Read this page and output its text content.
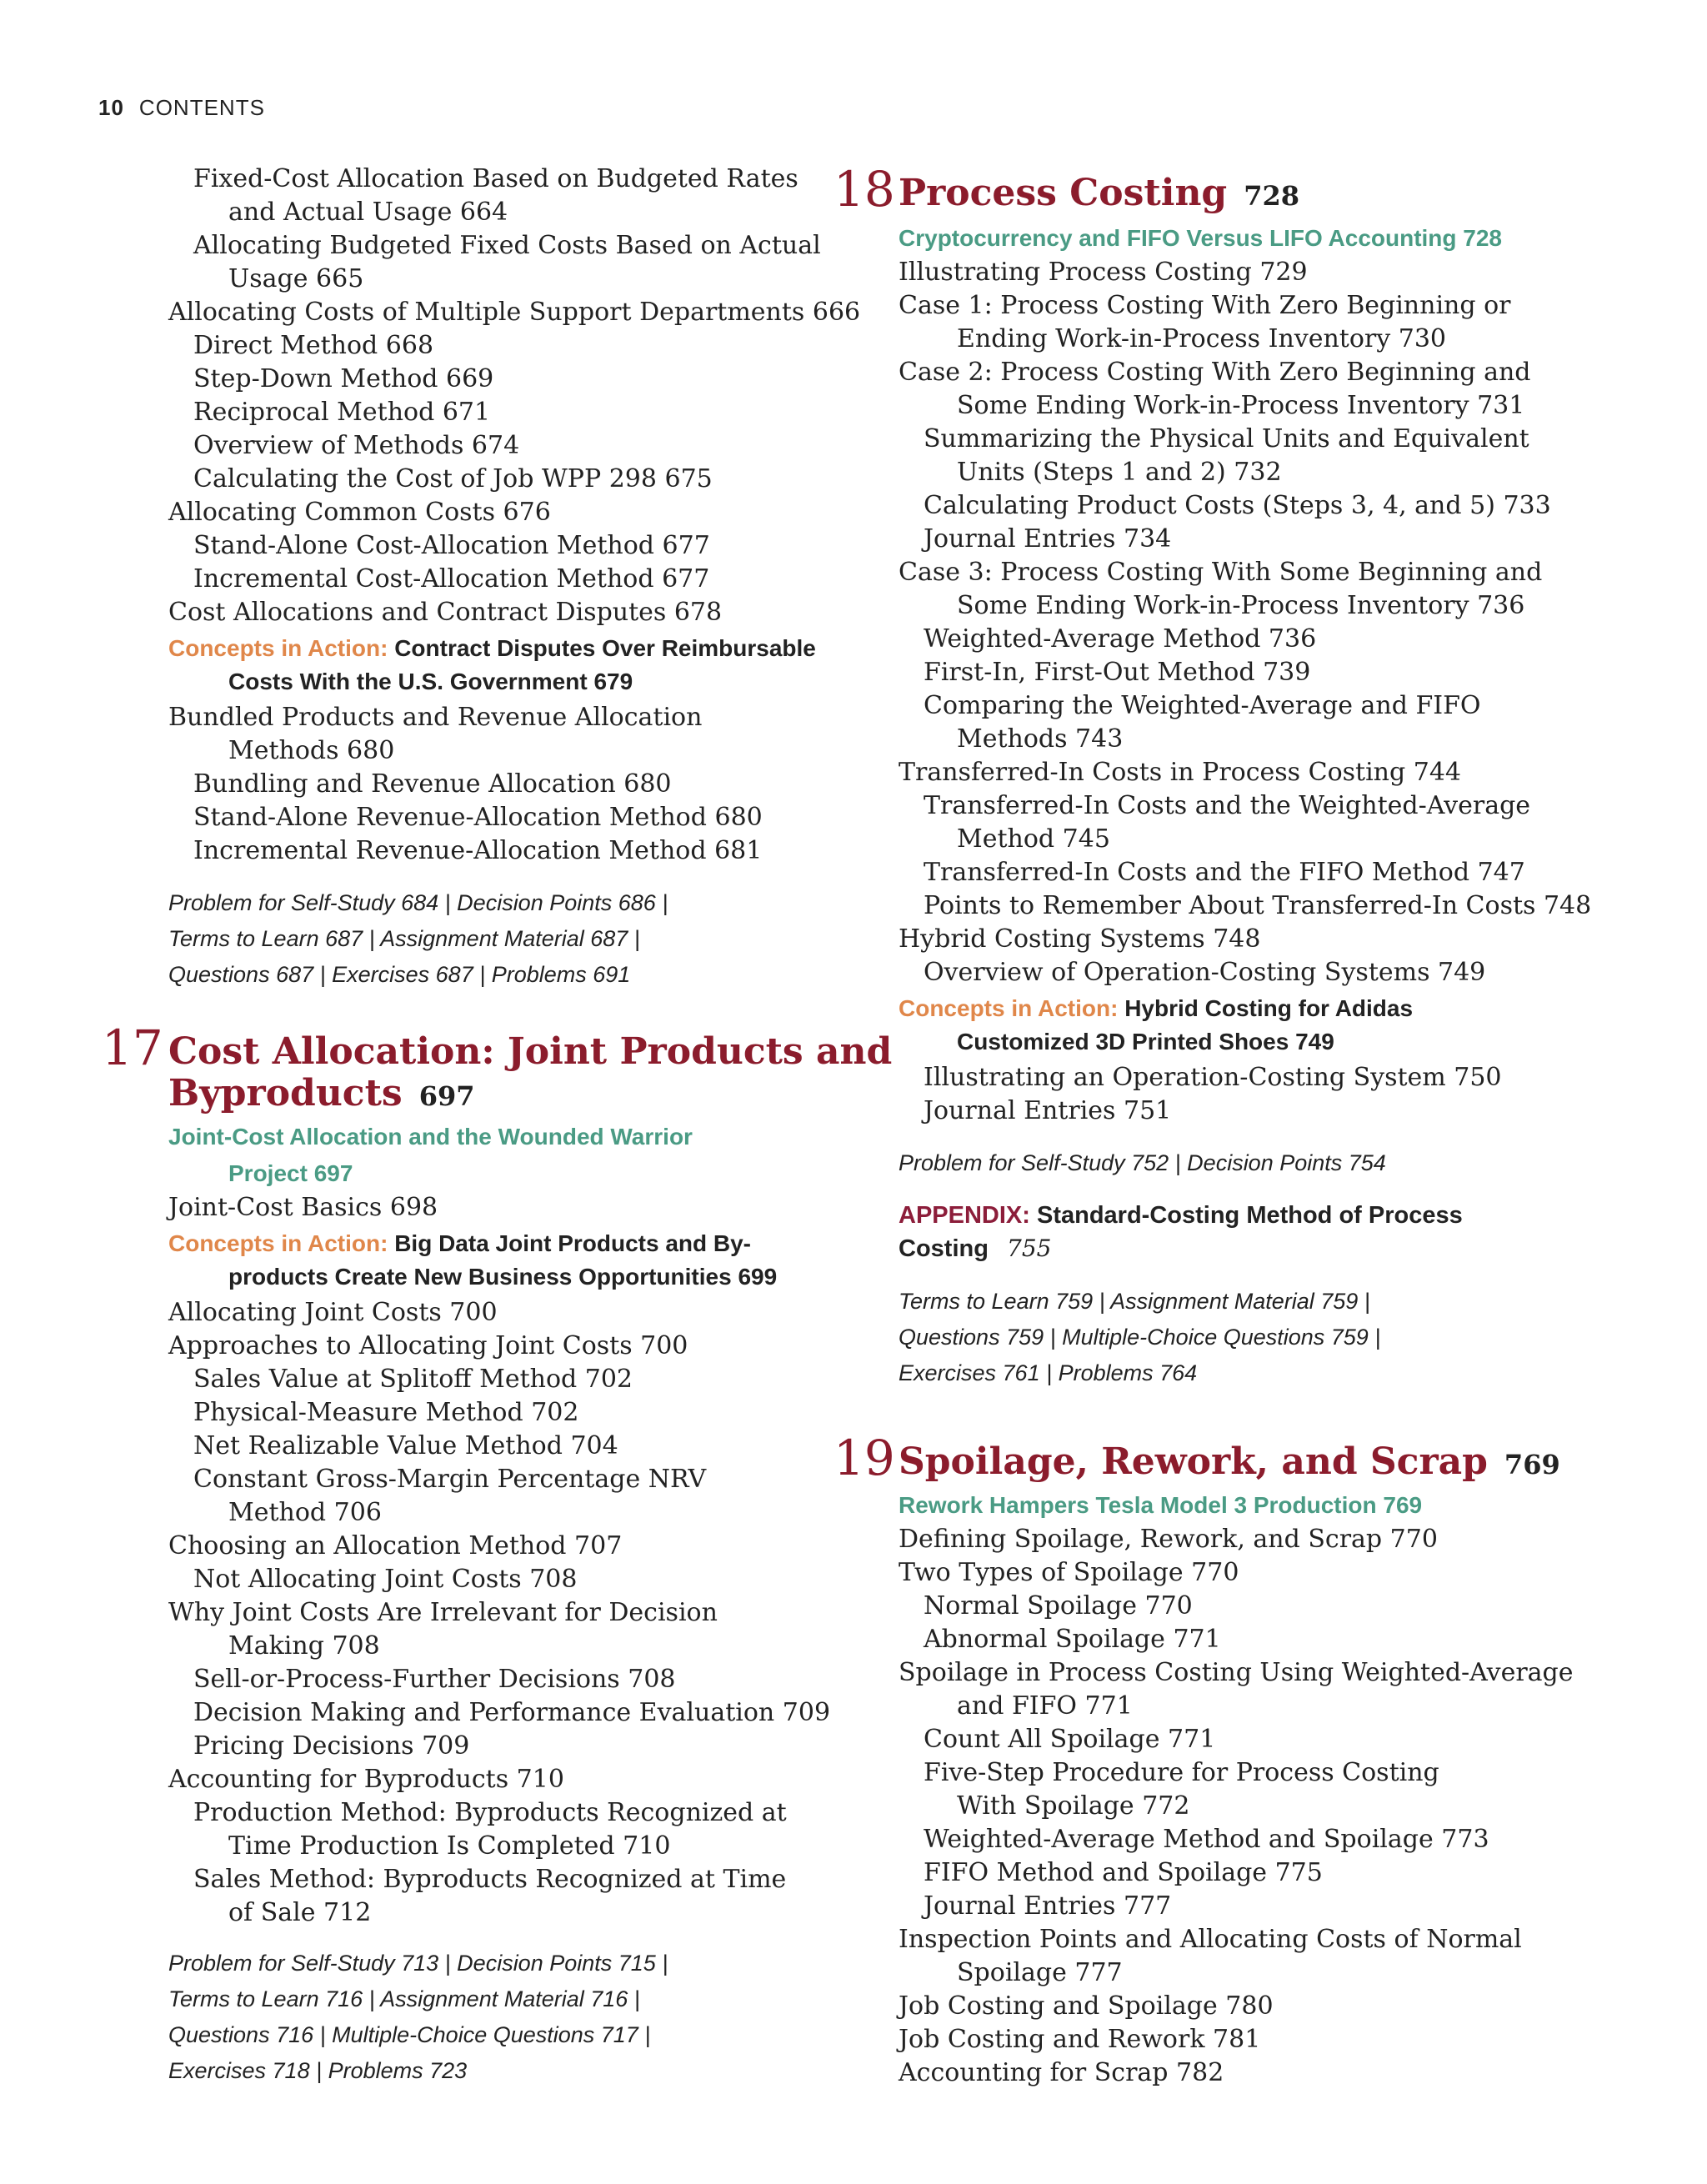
10 CONTENTS
Fixed-Cost Allocation Based on Budgeted Rates
and Actual Usage 664
Allocating Budgeted Fixed Costs Based on Actual
Usage 665
Allocating Costs of Multiple Support Departments 666
Direct Method 668
Step-Down Method 669
Reciprocal Method 671
Overview of Methods 674
Calculating the Cost of Job WPP 298 675
Allocating Common Costs 676
Stand-Alone Cost-Allocation Method 677
Incremental Cost-Allocation Method 677
Cost Allocations and Contract Disputes 678
Concepts in Action: Contract Disputes Over Reimbursable
Costs With the U.S. Government 679
Bundled Products and Revenue Allocation
Methods 680
Bundling and Revenue Allocation 680
Stand-Alone Revenue-Allocation Method 680
Incremental Revenue-Allocation Method 681
Problem for Self-Study 684 | Decision Points 686 |
Terms to Learn 687 | Assignment Material 687 |
Questions 687 | Exercises 687 | Problems 691
17 Cost Allocation: Joint Products and
Byproducts 697
Joint-Cost Allocation and the Wounded Warrior
Project 697
Joint-Cost Basics 698
Concepts in Action: Big Data Joint Products and By-
products Create New Business Opportunities 699
Allocating Joint Costs 700
Approaches to Allocating Joint Costs 700
Sales Value at Splitoff Method 702
Physical-Measure Method 702
Net Realizable Value Method 704
Constant Gross-Margin Percentage NRV
Method 706
Choosing an Allocation Method 707
Not Allocating Joint Costs 708
Why Joint Costs Are Irrelevant for Decision
Making 708
Sell-or-Process-Further Decisions 708
Decision Making and Performance Evaluation 709
Pricing Decisions 709
Accounting for Byproducts 710
Production Method: Byproducts Recognized at
Time Production Is Completed 710
Sales Method: Byproducts Recognized at Time
of Sale 712
Problem for Self-Study 713 | Decision Points 715 |
Terms to Learn 716 | Assignment Material 716 |
Questions 716 | Multiple-Choice Questions 717 |
Exercises 718 | Problems 723
18 Process Costing 728
Cryptocurrency and FIFO Versus LIFO Accounting 728
Illustrating Process Costing 729
Case 1: Process Costing With Zero Beginning or
Ending Work-in-Process Inventory 730
Case 2: Process Costing With Zero Beginning and
Some Ending Work-in-Process Inventory 731
Summarizing the Physical Units and Equivalent
Units (Steps 1 and 2) 732
Calculating Product Costs (Steps 3, 4, and 5) 733
Journal Entries 734
Case 3: Process Costing With Some Beginning and
Some Ending Work-in-Process Inventory 736
Weighted-Average Method 736
First-In, First-Out Method 739
Comparing the Weighted-Average and FIFO
Methods 743
Transferred-In Costs in Process Costing 744
Transferred-In Costs and the Weighted-Average
Method 745
Transferred-In Costs and the FIFO Method 747
Points to Remember About Transferred-In Costs 748
Hybrid Costing Systems 748
Overview of Operation-Costing Systems 749
Concepts in Action: Hybrid Costing for Adidas
Customized 3D Printed Shoes 749
Illustrating an Operation-Costing System 750
Journal Entries 751
Problem for Self-Study 752 | Decision Points 754
APPENDIX: Standard-Costing Method of Process
Costing 755
Terms to Learn 759 | Assignment Material 759 |
Questions 759 | Multiple-Choice Questions 759 |
Exercises 761 | Problems 764
19 Spoilage, Rework, and Scrap 769
Rework Hampers Tesla Model 3 Production 769
Defining Spoilage, Rework, and Scrap 770
Two Types of Spoilage 770
Normal Spoilage 770
Abnormal Spoilage 771
Spoilage in Process Costing Using Weighted-Average
and FIFO 771
Count All Spoilage 771
Five-Step Procedure for Process Costing
With Spoilage 772
Weighted-Average Method and Spoilage 773
FIFO Method and Spoilage 775
Journal Entries 777
Inspection Points and Allocating Costs of Normal
Spoilage 777
Job Costing and Spoilage 780
Job Costing and Rework 781
Accounting for Scrap 782
